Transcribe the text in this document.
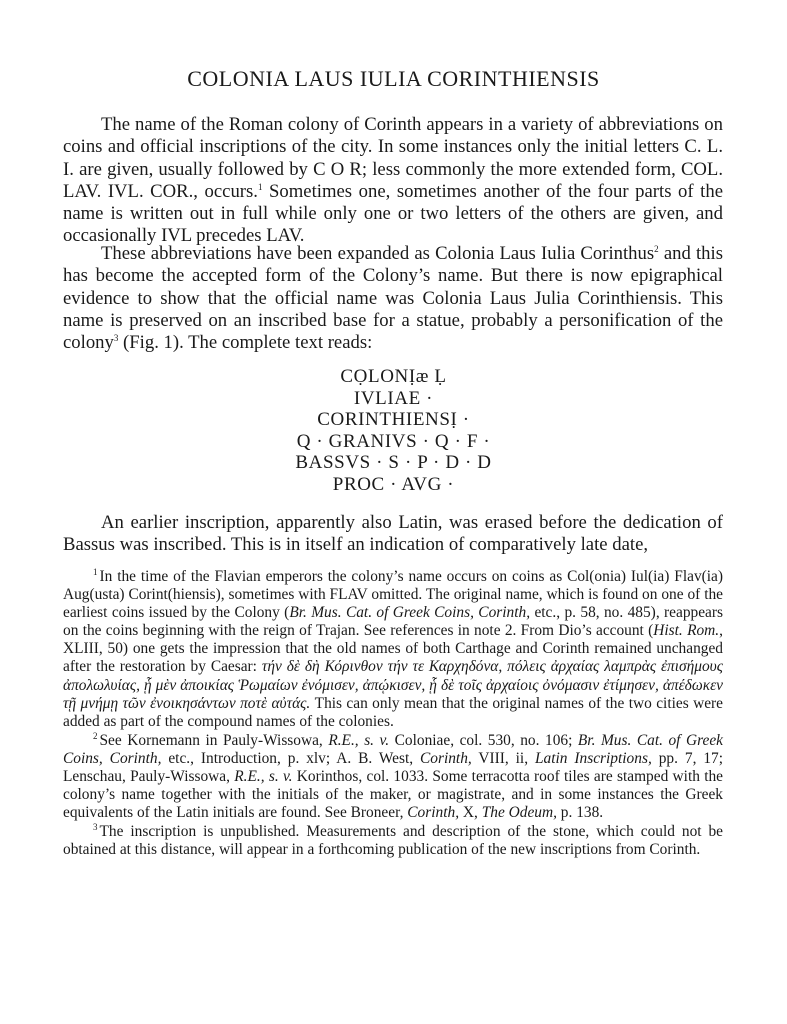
COLONIA LAUS IULIA CORINTHIENSIS

The name of the Roman colony of Corinth appears in a variety of abbreviations on coins and official inscriptions of the city. In some instances only the initial letters C. L. I. are given, usually followed by C O R; less commonly the more extended form, COL. LAV. IVL. COR., occurs.$^1$ Sometimes one, sometimes another of the four parts of the name is written out in full while only one or two letters of the others are given, and occasionally IVL precedes LAV.

These abbreviations have been expanded as Colonia Laus Iulia Corinthus$^2$ and this has become the accepted form of the Colony’s name. But there is now epigraphical evidence to show that the official name was Colonia Laus Julia Corinthiensis. This name is preserved on an inscribed base for a statue, probably a personification of the colony$^3$ (Fig. 1). The complete text reads:

CỌLONỊæ Ḷ
IVLIAE ·
CORINTHIENSỊ ·
Q · GRANIVS · Q · F ·
BASSVS · S · P · D · D
PROC · AVG ·

An earlier inscription, apparently also Latin, was erased before the dedication of Bassus was inscribed. This is in itself an indication of comparatively late date,

$^1$ In the time of the Flavian emperors the colony’s name occurs on coins as Col(onia) Iul(ia) Flav(ia) Aug(usta) Corint(hiensis), sometimes with FLAV omitted. The original name, which is found on one of the earliest coins issued by the Colony (Br. Mus. Cat. of Greek Coins, Corinth, etc., p. 58, no. 485), reappears on the coins beginning with the reign of Trajan. See references in note 2. From Dio’s account (Hist. Rom., XLIII, 50) one gets the impression that the old names of both Carthage and Corinth remained unchanged after the restoration by Caesar: τήν δὲ δὴ Κόρινθον τήν τε Καρχηδόνα, πόλεις ἀρχαίας λαμπρὰς ἐπισήμους ἀπολωλυίας, ᾗ μὲν ἀποικίας Ῥωμαίων ἐνόμισεν, ἀπῴκισεν, ᾗ δὲ τοῖς ἀρχαίοις ὀνόμασιν ἐτίμησεν, ἀπέδωκεν τῇ μνήμῃ τῶν ἐνοικησάντων ποτὲ αὐτάς. This can only mean that the original names of the two cities were added as part of the compound names of the colonies.

$^2$ See Kornemann in Pauly-Wissowa, R.E., s. v. Coloniae, col. 530, no. 106; Br. Mus. Cat. of Greek Coins, Corinth, etc., Introduction, p. xlv; A. B. West, Corinth, VIII, ii, Latin Inscriptions, pp. 7, 17; Lenschau, Pauly-Wissowa, R.E., s. v. Korinthos, col. 1033. Some terracotta roof tiles are stamped with the colony’s name together with the initials of the maker, or magistrate, and in some instances the Greek equivalents of the Latin initials are found. See Broneer, Corinth, X, The Odeum, p. 138.

$^3$ The inscription is unpublished. Measurements and description of the stone, which could not be obtained at this distance, will appear in a forthcoming publication of the new inscriptions from Corinth.
